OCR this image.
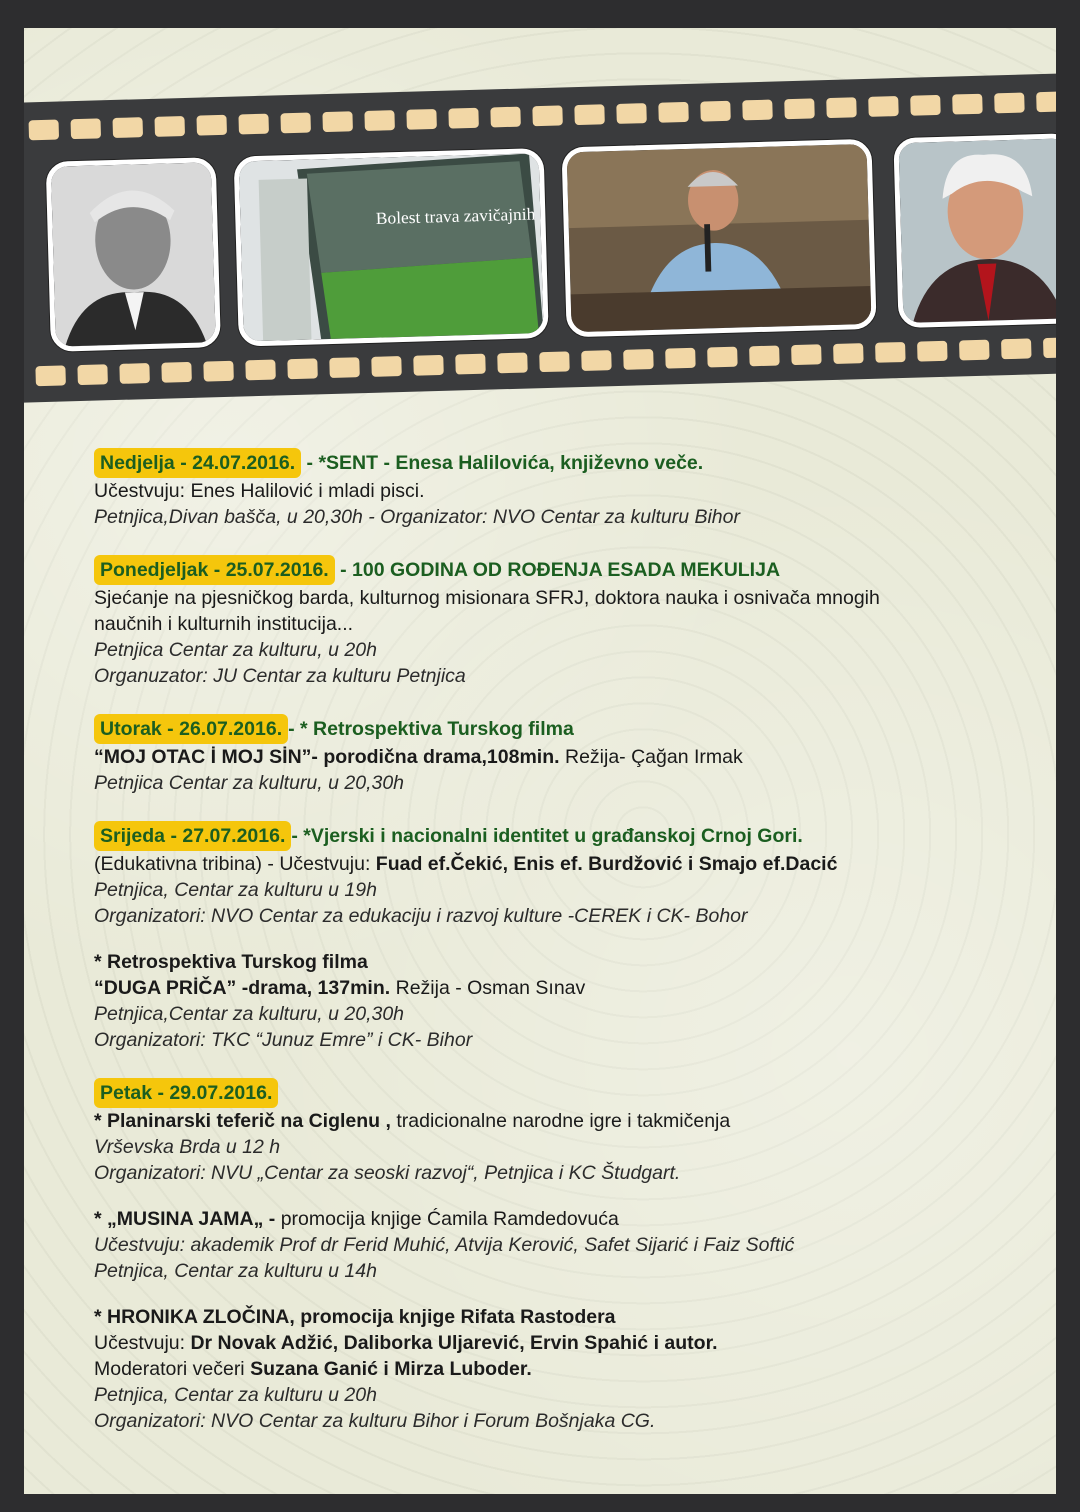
Bolest trava zavičajnih
Nedjelja - 24.07.2016. - *SENT - Enesa Halilovića, književno veče.
Učestvuju: Enes Halilović i mladi pisci.
Petnjica,Divan bašča, u 20,30h - Organizator: NVO Centar za kulturu Bihor
Ponedjeljak - 25.07.2016. - 100 GODINA OD ROĐENJA ESADA MEKULIJA
Sjećanje na pjesničkog barda, kulturnog misionara SFRJ, doktora nauka i osnivača mnogih
naučnih i kulturnih institucija...
Petnjica Centar za kulturu, u 20h
Organuzator: JU Centar za kulturu Petnjica
Utorak - 26.07.2016. - * Retrospektiva Turskog filma
“MOJ OTAC İ MOJ SİN”- porodična drama,108min. Režija- Çağan Irmak
Petnjica Centar za kulturu, u 20,30h
Srijeda - 27.07.2016. - *Vjerski i nacionalni identitet u građanskoj Crnoj Gori.
(Edukativna tribina) - Učestvuju: Fuad ef.Čekić, Enis ef. Burdžović i Smajo ef.Dacić
Petnjica, Centar za kulturu u 19h
Organizatori: NVO Centar za edukaciju i razvoj kulture -CEREK i CK- Bohor
* Retrospektiva Turskog filma
“DUGA PRİČA” -drama, 137min. Režija - Osman Sınav
Petnjica,Centar za kulturu, u 20,30h
Organizatori: TKC “Junuz Emre” i CK- Bihor
Petak - 29.07.2016.
* Planinarski teferič na Ciglenu , tradicionalne narodne igre i takmičenja
Vrševska Brda u 12 h
Organizatori: NVU „Centar za seoski razvoj“, Petnjica i KC Študgart.
* „MUSINA JAMA„ - promocija knjige Ćamila Ramdedovuća
Učestvuju: akademik Prof dr Ferid Muhić, Atvija Kerović, Safet Sijarić i Faiz Softić
Petnjica, Centar za kulturu u 14h
* HRONIKA ZLOČINA, promocija knjige Rifata Rastodera
Učestvuju: Dr Novak Adžić, Daliborka Uljarević, Ervin Spahić i autor.
Moderatori večeri Suzana Ganić i Mirza Luboder.
Petnjica, Centar za kulturu u 20h
Organizatori: NVO Centar za kulturu Bihor i Forum Bošnjaka CG.
